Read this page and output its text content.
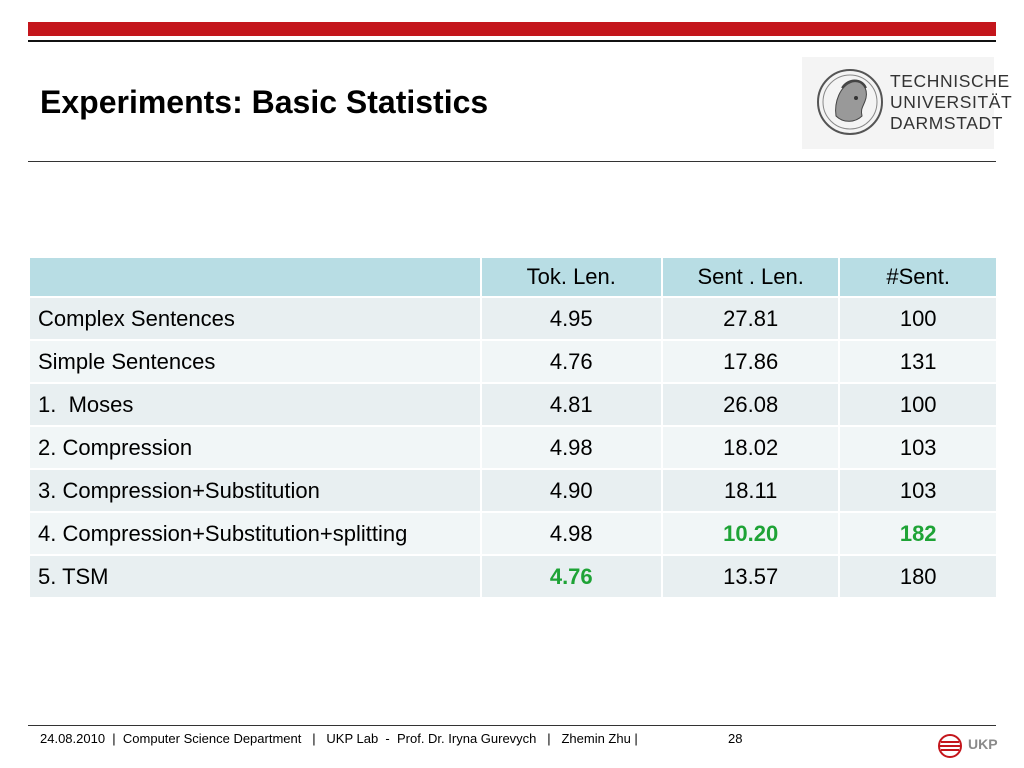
Experiments: Basic Statistics
TECHNISCHE
UNIVERSITÄT
DARMSTADT
	Tok. Len.	Sent . Len.	#Sent.
Complex Sentences	4.95	27.81	100
Simple Sentences	4.76	17.86	131
1.  Moses	4.81	26.08	100
2. Compression	4.98	18.02	103
3. Compression+Substitution	4.90	18.11	103
4. Compression+Substitution+splitting	4.98	10.20	182
5. TSM	4.76	13.57	180
24.08.2010  |  Computer Science Department   |   UKP Lab  -  Prof. Dr. Iryna Gurevych   |   Zhemin Zhu |	28	UKP
